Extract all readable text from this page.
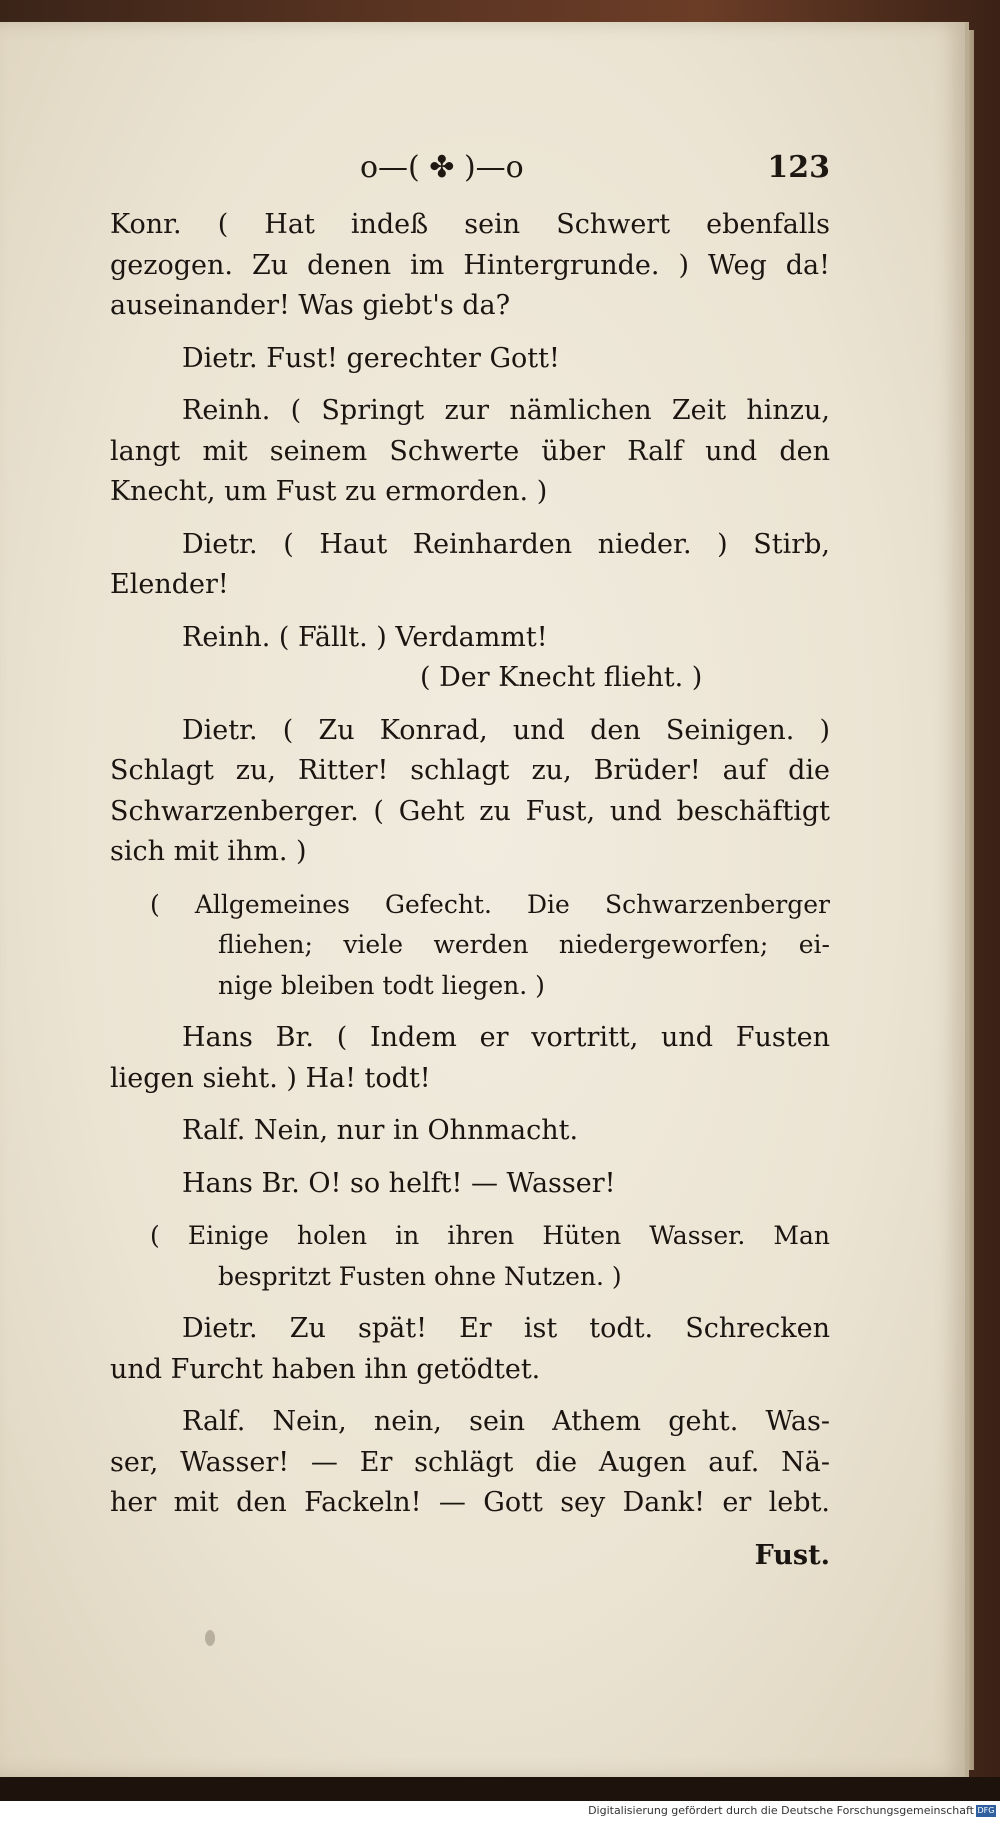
o—( ✤ )—o	123
Konr. ( Hat indeß sein Schwert ebenfalls
gezogen. Zu denen im Hintergrunde. ) Weg da!
auseinander! Was giebt's da?
Dietr. Fust! gerechter Gott!
Reinh. ( Springt zur nämlichen Zeit hinzu,
langt mit seinem Schwerte über Ralf und den
Knecht, um Fust zu ermorden. )
Dietr. ( Haut Reinharden nieder. ) Stirb,
Elender!
Reinh. ( Fällt. ) Verdammt!
( Der Knecht flieht. )
Dietr. ( Zu Konrad, und den Seinigen. )
Schlagt zu, Ritter! schlagt zu, Brüder! auf die
Schwarzenberger. ( Geht zu Fust, und beschäftigt
sich mit ihm. )
( Allgemeines Gefecht. Die Schwarzenberger
fliehen; viele werden niedergeworfen; ei-
nige bleiben todt liegen. )
Hans Br. ( Indem er vortritt, und Fusten
liegen sieht. ) Ha! todt!
Ralf. Nein, nur in Ohnmacht.
Hans Br. O! so helft! — Wasser!
( Einige holen in ihren Hüten Wasser. Man
bespritzt Fusten ohne Nutzen. )
Dietr. Zu spät! Er ist todt. Schrecken
und Furcht haben ihn getödtet.
Ralf. Nein, nein, sein Athem geht. Was-
ser, Wasser! — Er schlägt die Augen auf. Nä-
her mit den Fackeln! — Gott sey Dank! er lebt.
Fust.
Digitalisierung gefördert durch die Deutsche Forschungsgemeinschaft DFG
